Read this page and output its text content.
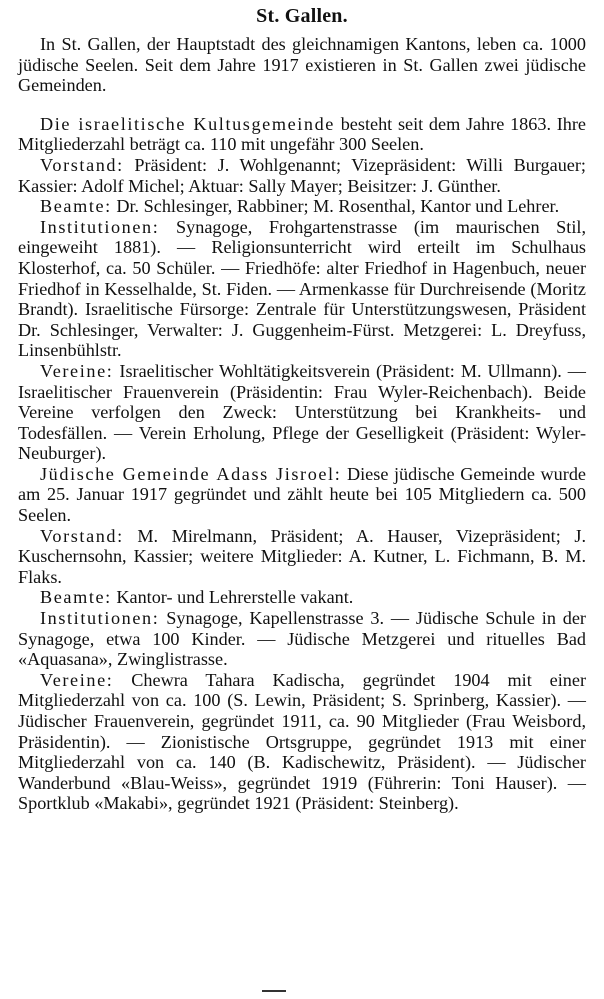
St. Gallen.

In St. Gallen, der Hauptstadt des gleichnamigen Kantons, leben ca. 1000 jüdische Seelen. Seit dem Jahre 1917 existieren in St. Gallen zwei jüdische Gemeinden.

Die israelitische Kultusgemeinde besteht seit dem Jahre 1863. Ihre Mitgliederzahl beträgt ca. 110 mit ungefähr 300 Seelen.

Vorstand: Präsident: J. Wohlgenannt; Vizepräsident: Willi Burgauer; Kassier: Adolf Michel; Aktuar: Sally Mayer; Beisitzer: J. Günther.

Beamte: Dr. Schlesinger, Rabbiner; M. Rosenthal, Kantor und Lehrer.

Institutionen: Synagoge, Frohgartenstrasse (im maurischen Stil, eingeweiht 1881). — Religionsunterricht wird erteilt im Schulhaus Klosterhof, ca. 50 Schüler. — Friedhöfe: alter Friedhof in Hagenbuch, neuer Friedhof in Kesselhalde, St. Fiden. — Armenkasse für Durchreisende (Moritz Brandt). Israelitische Fürsorge: Zentrale für Unterstützungswesen, Präsident Dr. Schlesinger, Verwalter: J. Guggenheim-Fürst. Metzgerei: L. Dreyfuss, Linsenbühlstr.

Vereine: Israelitischer Wohltätigkeitsverein (Präsident: M. Ullmann). — Israelitischer Frauenverein (Präsidentin: Frau Wyler-Reichenbach). Beide Vereine verfolgen den Zweck: Unterstützung bei Krankheits- und Todesfällen. — Verein Erholung, Pflege der Geselligkeit (Präsident: Wyler-Neuburger).

Jüdische Gemeinde Adass Jisroel: Diese jüdische Gemeinde wurde am 25. Januar 1917 gegründet und zählt heute bei 105 Mitgliedern ca. 500 Seelen.

Vorstand: M. Mirelmann, Präsident; A. Hauser, Vizepräsident; J. Kuschernsohn, Kassier; weitere Mitglieder: A. Kutner, L. Fichmann, B. M. Flaks.

Beamte: Kantor- und Lehrerstelle vakant.

Institutionen: Synagoge, Kapellenstrasse 3. — Jüdische Schule in der Synagoge, etwa 100 Kinder. — Jüdische Metzgerei und rituelles Bad «Aquasana», Zwinglistrasse.

Vereine: Chewra Tahara Kadischa, gegründet 1904 mit einer Mitgliederzahl von ca. 100 (S. Lewin, Präsident; S. Sprinberg, Kassier). — Jüdischer Frauenverein, gegründet 1911, ca. 90 Mitglieder (Frau Weisbord, Präsidentin). — Zionistische Ortsgruppe, gegründet 1913 mit einer Mitgliederzahl von ca. 140 (B. Kadischewitz, Präsident). — Jüdischer Wanderbund «Blau-Weiss», gegründet 1919 (Führerin: Toni Hauser). — Sportklub «Makabi», gegründet 1921 (Präsident: Steinberg).
